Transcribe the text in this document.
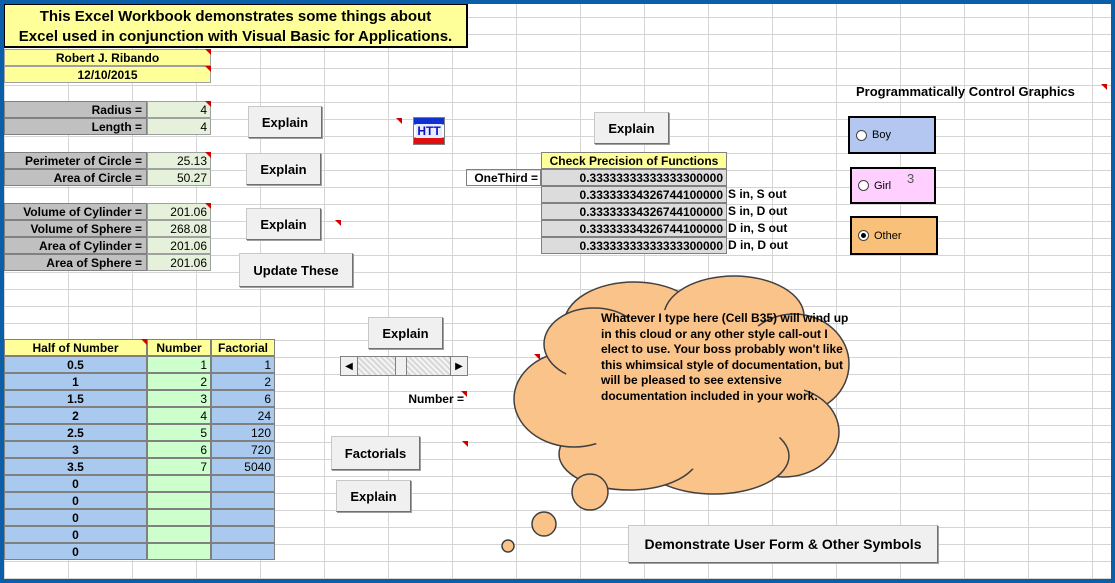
This Excel Workbook demonstrates some things about
Excel used in conjunction with Visual Basic for Applications.
Robert J. Ribando
12/10/2015
Radius =	4
Length =	4
Perimeter of Circle =	25.13
Area of Circle =	50.27
Volume of Cylinder =	201.06
Volume of Sphere =	268.08
Area of Cylinder =	201.06
Area of Sphere =	201.06
Explain
Explain
Explain
Update These
HTT	Explain
Check Precision of Functions
OneThird =	0.33333333333333300000
0.33333334326744100000 S in, S out
0.33333334326744100000 S in, D out
0.33333334326744100000 D in, S out
0.33333333333333300000 D in, D out
Programmatically Control Graphics
Boy
Girl
Other
3
Half of Number	Number	Factorial
0.5	1	1
1	2	2
1.5	3	6
2	4	24
2.5	5	120
3	6	720
3.5	7	5040
0
0
0
0
0
Explain
◀	▶
Number =
Factorials
Explain
Whatever I type here (Cell B35) will wind up in this cloud or any other style call-out I elect to use. Your boss probably won't like this whimsical style of documentation, but will be pleased to see extensive documentation included in your work.
Demonstrate User Form & Other Symbols
